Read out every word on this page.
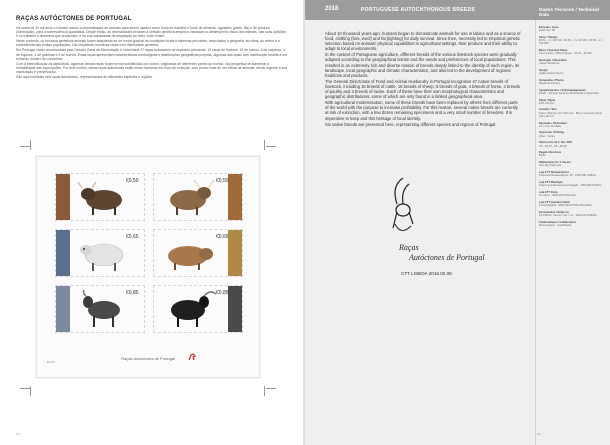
RAÇAS AUTÓCTONES DE PORTUGAL

Há cerca de 10 mil anos o Homem iniciou a domesticação de animais para serem usados como força de trabalho e fonte de alimento, agasalho (peles, lãs) e de gordura (iluminação), para a sobrevivência quotidiana. Desde então, as necessidades levaram à seleção genética empírica, baseada no desempenho físico dos animais, nas suas aptidões e no trabalho e alimentos que produziam, e na sua capacidade de adaptação ao meio onde viviam.

Neste contexto, os recursos genéticos animais foram adaptando-se de forma gradual às condições locais e sistemas pecuários, associados à geografia, ao clima, ao relevo e à subsistência das muitas populações. Daí resultaram inúmeras raças com diversidade genética.

Em Portugal, estão reconhecidas pela Direção Geral de Alimentação e Veterinária 47 raças autóctones de espécies pecuárias: 15 raças de bovinos, 15 de ovinos, 6 de caprinos, 4 de equinos, 4 de galinhas e 3 de suínos. Estas raças apresentam características morfológicas e distribuições geográficas próprias, algumas das quais com distribuição restrita a um reduzido número de concelhos.

Com a intensificação da agricultura, algumas destas raças foram sendo substituídas por outras, originárias de diferentes partes do mundo. Na perspetiva de aumentar a rentabilidade das explorações. Por este motivo, várias raças autóctones estão neste momento em risco de extinção, com pouco mais de um milhar de animais, sendo urgente a sua valorização e preservação.

São aqui lustradas seis raças autóctones, representantes de diferentes espécies e regiões.

€0,50	€0,50
€0,65	€0,65
€0,85	€0,85
Raças Autóctones de Portugal
€4,00
28
2018	PORTUGUESE AUTOCHTHONOUS BREEDS	Dados Técnicos / Technical Data

About 10 thousand years ago, humans began to domesticate animals for use in labour and as a source of food, clothing (furs, wool) and fat (lighting) for daily survival. Since then, necessity led to empirical genetic selection based on animals' physical capabilities in agricultural settings, their produce and their ability to adapt to local environments.

In the context of Portuguese agriculture, different breeds of the various livestock species were gradually adapted according to the geographical terrain and the needs and preferences of local populations. This resulted in an extremely rich and diverse mosaic of breeds deeply linked to the identity of each region, its landscape, local geographic and climatic characteristics, and also led to the development of regional traditions and products.

The General Directorate of Food and Animal Husbandry in Portugal recognises 47 native breeds of livestock, including 15 breeds of cattle, 15 breeds of sheep, 6 breeds of goat, 4 breeds of horse, 4 breeds of poultry and 3 breeds of swine. Each of these have their own morphological characteristics and geographic distributions, some of which are only found in a limited geographical area.

With agricultural modernisation, some of these breeds have been replaced by others from different parts of the world with the purpose to increase profitability. For this reason, several native breeds are currently at risk of extinction, with a few dozen remaining specimens and a very small number of breeders. It is imperative to keep and this heritage of local identity.

Six native breeds are presented here, representing different species and regions of Portugal.

Emissão / Issue
2018 / 02 / 08
Selos / Stamps
€0,50 – 2 x 120 000 · €0,65 – 2 x 120 000 · €0,85 – 2 x 120 000
Bloco / Souvenir Sheet
Com 6 selos / With 6 stamps · €3,00 – 60 000
Ilustração / Illustration
Carlos Mendonça
Design
Atelier Acácio Santos
Fotografias / Photos
Raças Autóctones
Agradecimentos / Acknowledgements
DGAV – Direção Geral de Alimentação e Veterinária
Papel / Paper
FSC 110 g/m²
Formato / Size
Selos / Stamps: 40 x 30,6 mm · Bloco / Souvenir sheet: 125 x 95 mm
Denteado / Perforation
13 x Cruz de Malta
Impressão / Printing
offset · Cartor
Sobrescrito de 1º dia / FDC
C6 – €0,75 · C5 – €0,80
Pagela / Brochure
€0,80
Obliterações do 1º dia em
First Day Postmark
Loja CTT Restauradores
Praça dos Restauradores, 58 · 1250-998 LISBOA
Loja CTT Município
Praça General Humberto Delgado · 4000-999 PORTO
Loja CTT Zarco
Av. Zarco · 9000-069 FUNCHAL
Loja CTT Avenida Infante
Ponta Delgada · 9500-999 PONTA DELGADA
Encomendas / Orders to
FILATELIA · Rua D. Luís I, 41 · 1200-166 LISBOA
Colaboradores / Collaborators
Maria Helena · ctt.pt/filatelia
Raças
Autóctones de Portugal
CTT LISBOA 2018.02.08
29
